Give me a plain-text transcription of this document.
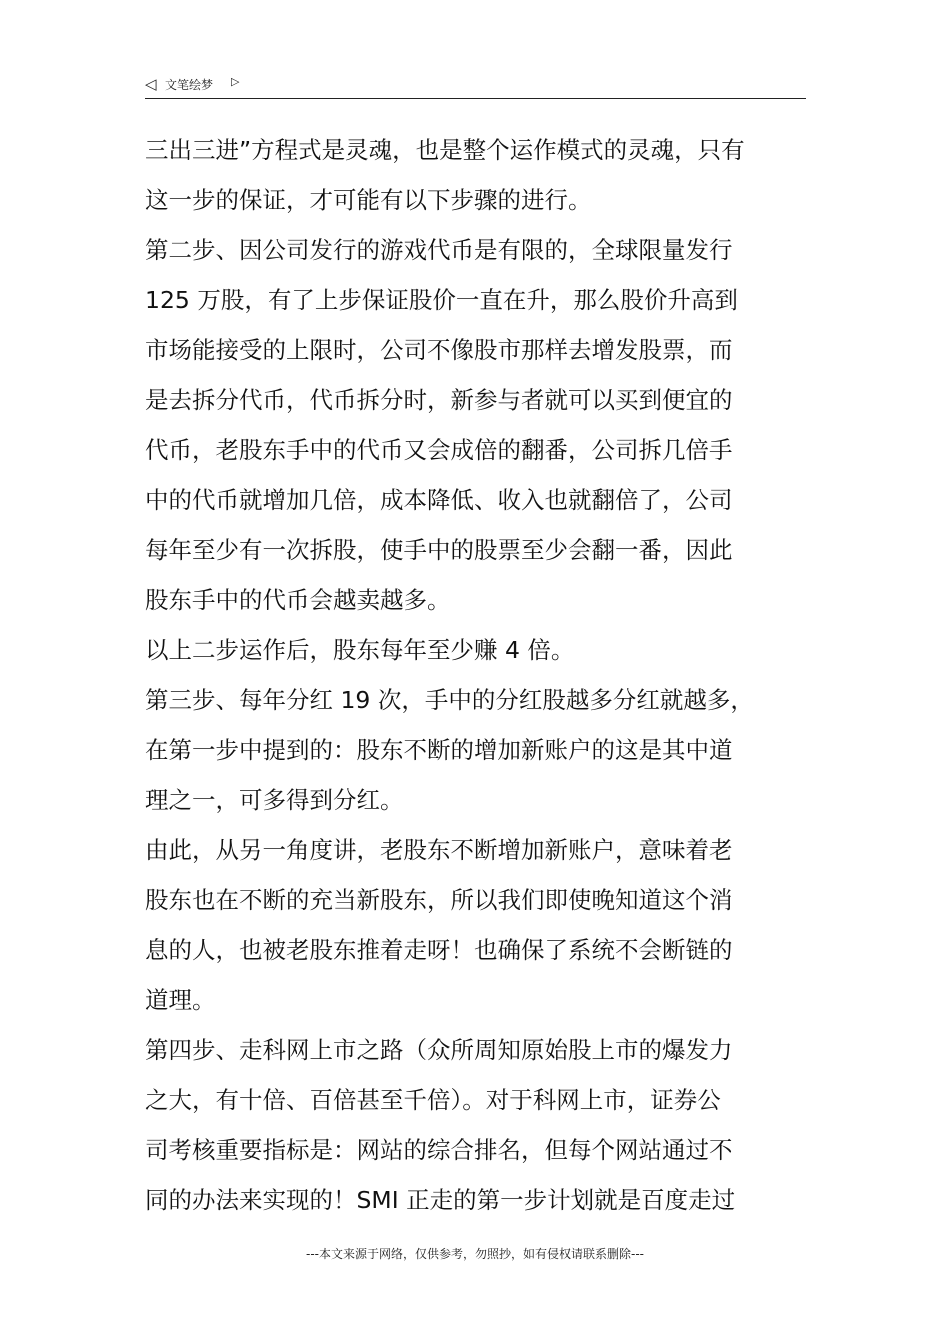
◁ 文笔绘梦 ▷
三出三进”方程式是灵魂，也是整个运作模式的灵魂，只有
这一步的保证，才可能有以下步骤的进行。
第二步、因公司发行的游戏代币是有限的，全球限量发行
125 万股，有了上步保证股价一直在升，那么股价升高到
市场能接受的上限时，公司不像股市那样去增发股票，而
是去拆分代币，代币拆分时，新参与者就可以买到便宜的
代币，老股东手中的代币又会成倍的翻番，公司拆几倍手
中的代币就增加几倍，成本降低、收入也就翻倍了，公司
每年至少有一次拆股，使手中的股票至少会翻一番，因此
股东手中的代币会越卖越多。
以上二步运作后，股东每年至少赚 4 倍。
第三步、每年分红 19 次，手中的分红股越多分红就越多，
在第一步中提到的：股东不断的增加新账户的这是其中道
理之一，可多得到分红。
由此，从另一角度讲，老股东不断增加新账户，意味着老
股东也在不断的充当新股东，所以我们即使晚知道这个消
息的人，也被老股东推着走呀！也确保了系统不会断链的
道理。
第四步、走科网上市之路（众所周知原始股上市的爆发力
之大，有十倍、百倍甚至千倍）。对于科网上市，证券公
司考核重要指标是：网站的综合排名，但每个网站通过不
同的办法来实现的！SMI 正走的第一步计划就是百度走过
---本文来源于网络，仅供参考，勿照抄，如有侵权请联系删除---
